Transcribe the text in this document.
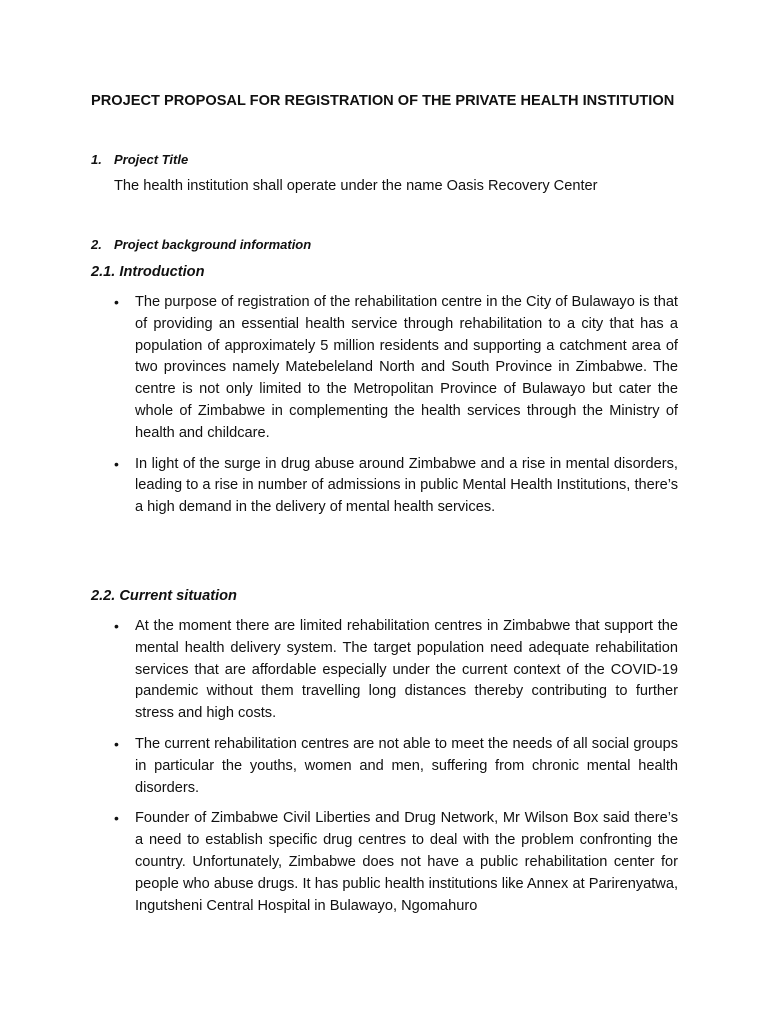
PROJECT PROPOSAL FOR REGISTRATION OF THE PRIVATE HEALTH INSTITUTION
1. Project Title
The health institution shall operate under the name Oasis Recovery Center
2. Project background information
2.1. Introduction
• The purpose of registration of the rehabilitation centre in the City of Bulawayo is that of providing an essential health service through rehabilitation to a city that has a population of approximately 5 million residents and supporting a catchment area of two provinces namely Matebeleland North and South Province in Zimbabwe. The centre is not only limited to the Metropolitan Province of Bulawayo but cater the whole of Zimbabwe in complementing the health services through the Ministry of health and childcare.
• In light of the surge in drug abuse around Zimbabwe and a rise in mental disorders, leading to a rise in number of admissions in public Mental Health Institutions, there’s a high demand in the delivery of mental health services.
2.2. Current situation
• At the moment there are limited rehabilitation centres in Zimbabwe that support the mental health delivery system. The target population need adequate rehabilitation services that are affordable especially under the current context of the COVID-19 pandemic without them travelling long distances thereby contributing to further stress and high costs.
• The current rehabilitation centres are not able to meet the needs of all social groups in particular the youths, women and men, suffering from chronic mental health disorders.
• Founder of Zimbabwe Civil Liberties and Drug Network, Mr Wilson Box said there’s a need to establish specific drug centres to deal with the problem confronting the country. Unfortunately, Zimbabwe does not have a public rehabilitation center for people who abuse drugs. It has public health institutions like Annex at Parirenyatwa, Ingutsheni Central Hospital in Bulawayo, Ngomahuro
